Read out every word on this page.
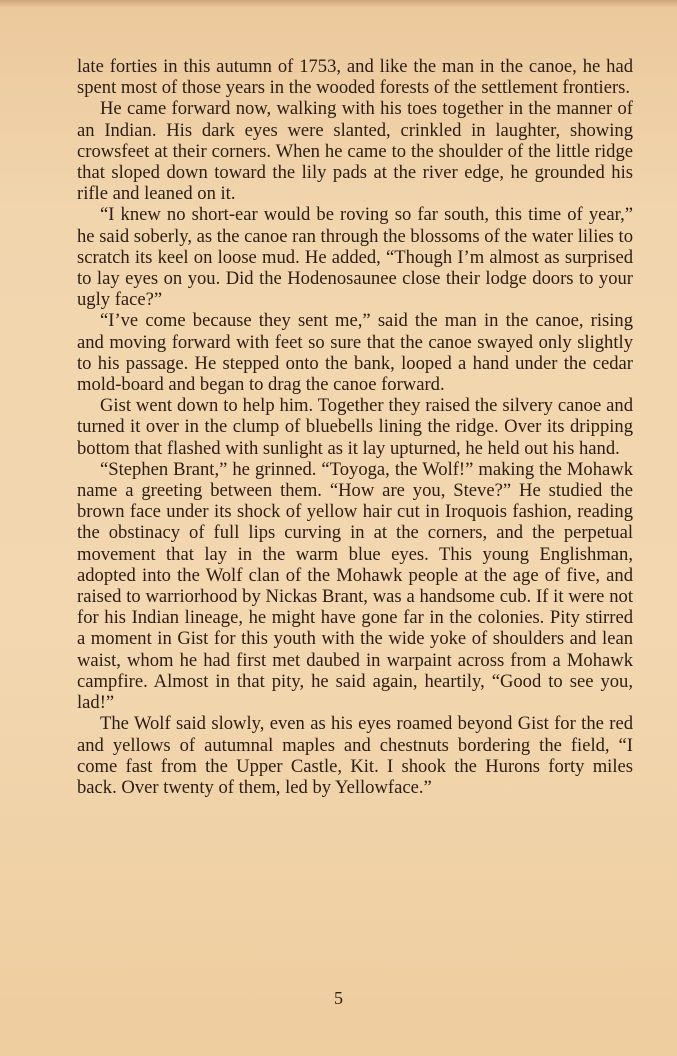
late forties in this autumn of 1753, and like the man in the canoe, he had spent most of those years in the wooded forests of the settlement frontiers.

He came forward now, walking with his toes together in the manner of an Indian. His dark eyes were slanted, crinkled in laughter, showing crowsfeet at their corners. When he came to the shoulder of the little ridge that sloped down toward the lily pads at the river edge, he grounded his rifle and leaned on it.

“I knew no short-ear would be roving so far south, this time of year,” he said soberly, as the canoe ran through the blossoms of the water lilies to scratch its keel on loose mud. He added, “Though I’m almost as surprised to lay eyes on you. Did the Hodenosaunee close their lodge doors to your ugly face?”

“I’ve come because they sent me,” said the man in the canoe, rising and moving forward with feet so sure that the canoe swayed only slightly to his passage. He stepped onto the bank, looped a hand under the cedar mold-board and began to drag the canoe forward.

Gist went down to help him. Together they raised the silvery canoe and turned it over in the clump of bluebells lining the ridge. Over its dripping bottom that flashed with sunlight as it lay upturned, he held out his hand.

“Stephen Brant,” he grinned. “Toyoga, the Wolf!” making the Mohawk name a greeting between them. “How are you, Steve?” He studied the brown face under its shock of yellow hair cut in Iroquois fashion, reading the obstinacy of full lips curving in at the corners, and the perpetual movement that lay in the warm blue eyes. This young Englishman, adopted into the Wolf clan of the Mohawk people at the age of five, and raised to warriorhood by Nickas Brant, was a handsome cub. If it were not for his Indian lineage, he might have gone far in the colonies. Pity stirred a moment in Gist for this youth with the wide yoke of shoulders and lean waist, whom he had first met daubed in warpaint across from a Mohawk campfire. Almost in that pity, he said again, heartily, “Good to see you, lad!”

The Wolf said slowly, even as his eyes roamed beyond Gist for the red and yellows of autumnal maples and chestnuts bordering the field, “I come fast from the Upper Castle, Kit. I shook the Hurons forty miles back. Over twenty of them, led by Yellowface.”

5
